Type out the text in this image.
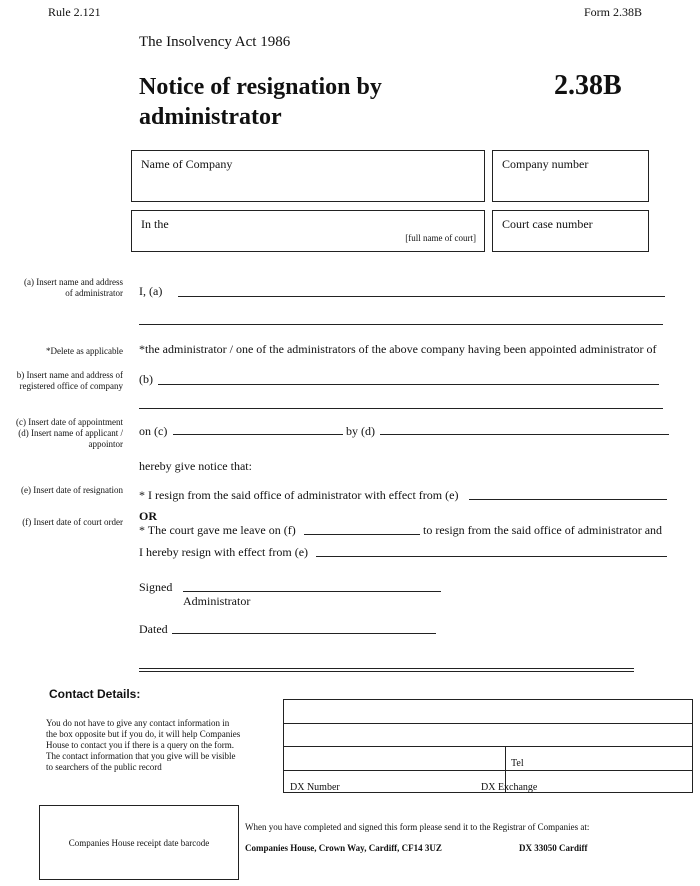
Rule 2.121	Form 2.38B
The Insolvency Act 1986
Notice of resignation by
administrator
2.38B
Name of Company	Company number
In the
[full name of court]
Court case number
(a) Insert name and address
of administrator
*Delete as applicable
b) Insert name and address of
registered office of company
(c) Insert date of appointment
(d) Insert name of applicant /
appointor
(e) Insert date of resignation
(f) Insert date of court order
I, (a)
*the administrator / one of the administrators of the above company having been appointed administrator of
(b)
on (c)	by (d)
hereby give notice that:
* I resign from the said office of administrator with effect from (e)
OR
* The court gave me leave on (f)	to resign from the said office of administrator and
I hereby resign with effect from (e)
Signed
Administrator
Dated
Contact Details:
You do not have to give any contact information in
the box opposite but if you do, it will help Companies
House to contact you if there is a query on the form.
The contact information that you give will be visible
to searchers of the public record	Tel
DX Number	DX Exchange
Companies House receipt date barcode
When you have completed and signed this form please send it to the Registrar of Companies at:
Companies House, Crown Way, Cardiff, CF14 3UZ	DX 33050 Cardiff
